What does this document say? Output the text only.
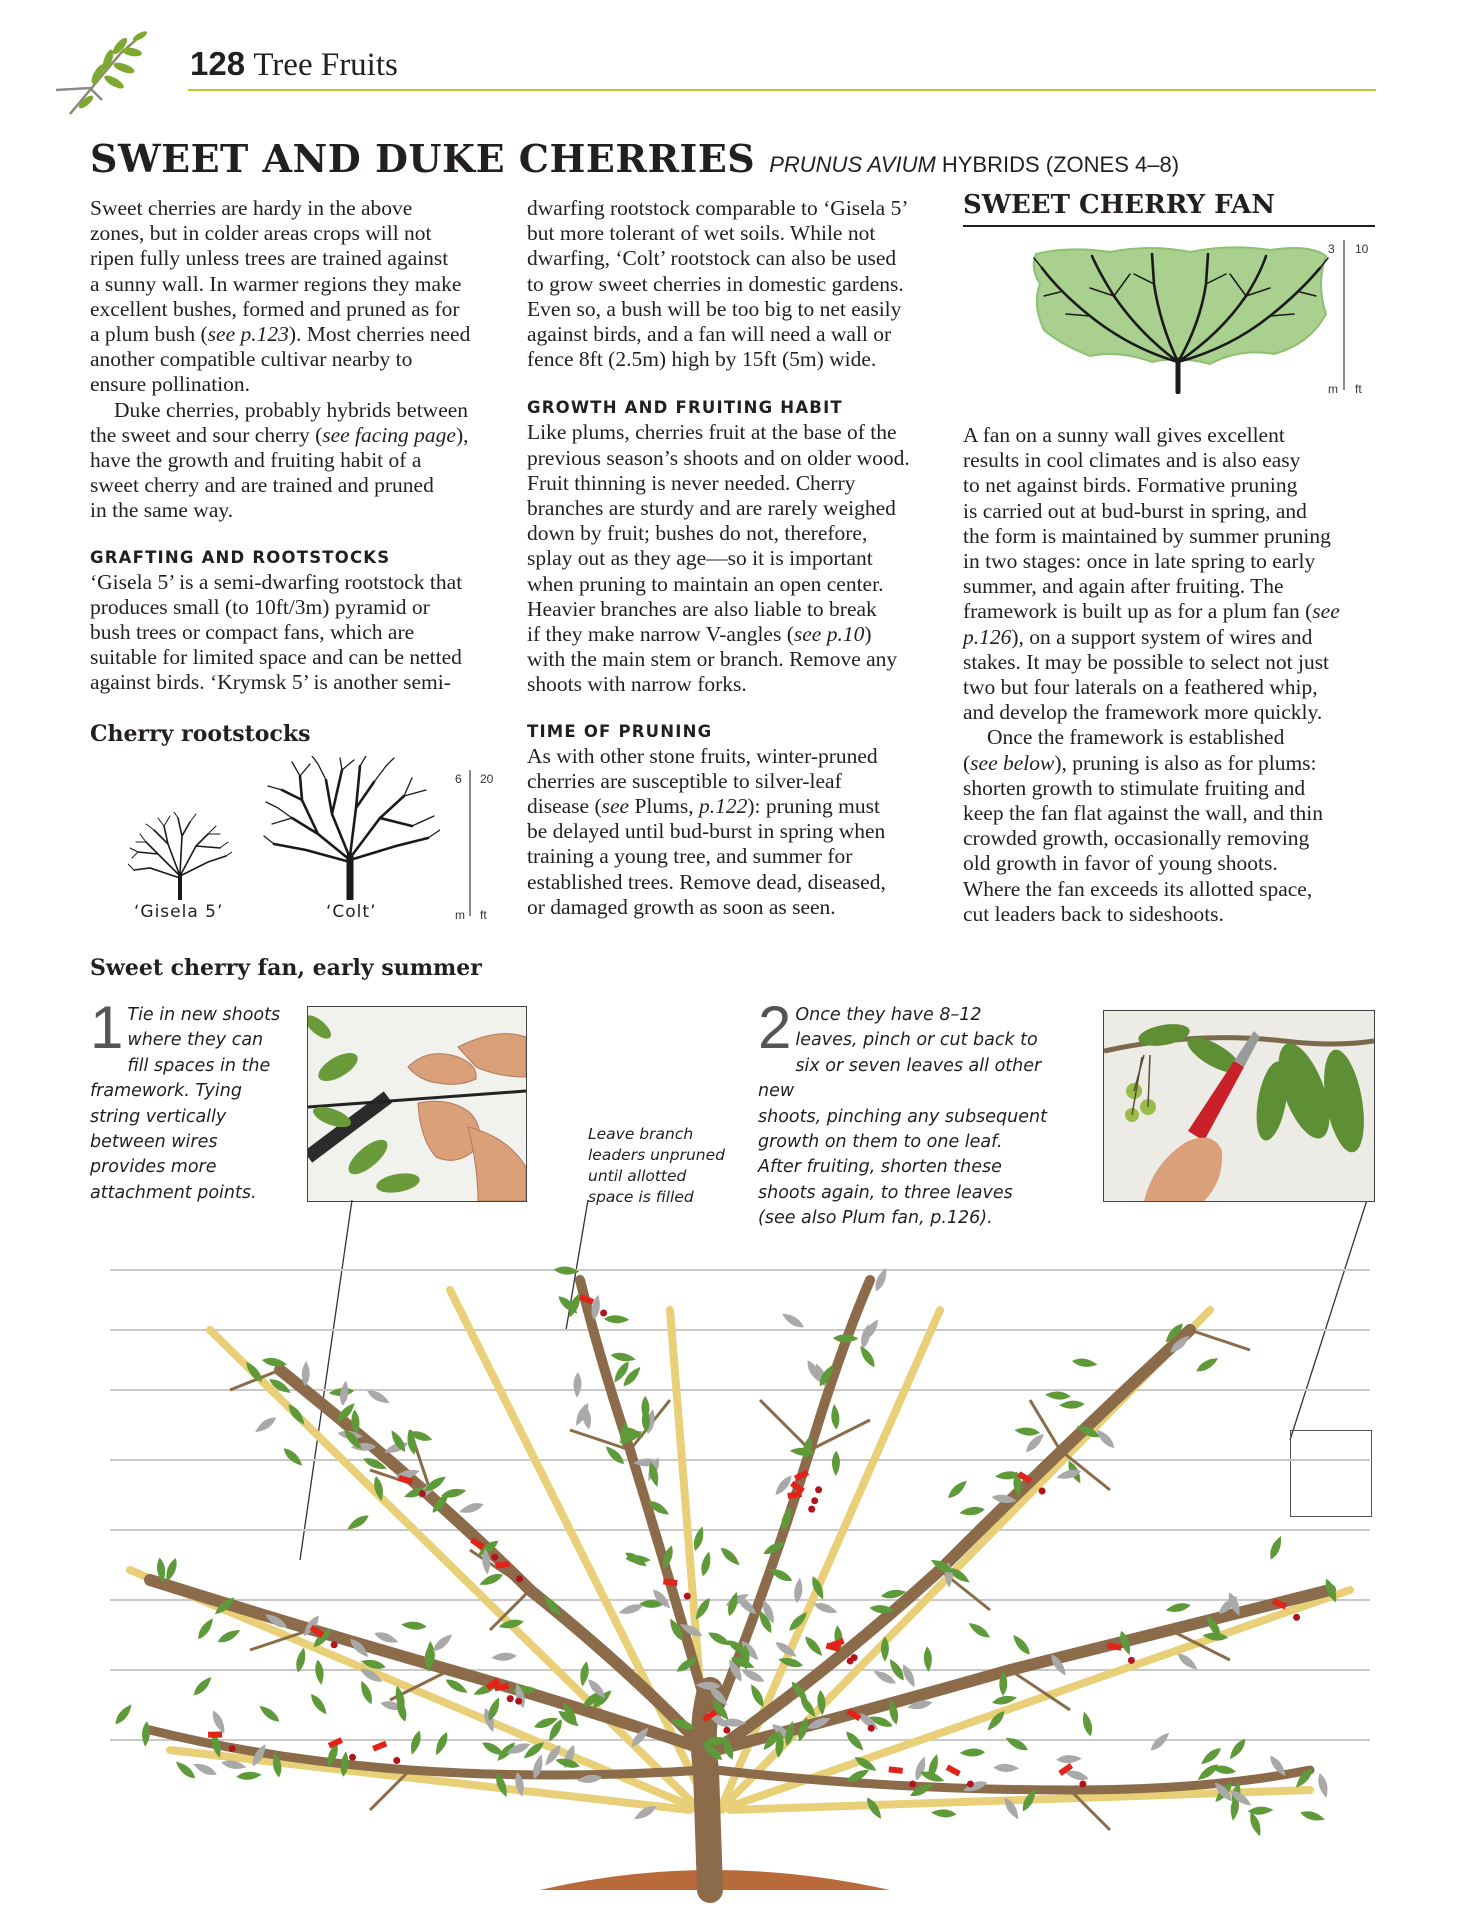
128 Tree Fruits
SWEET AND DUKE CHERRIES PRUNUS AVIUM HYBRIDS (ZONES 4–8)

Sweet cherries are hardy in the above

zones, but in colder areas crops will not

ripen fully unless trees are trained against

a sunny wall. In warmer regions they make

excellent bushes, formed and pruned as for

a plum bush (see p.123). Most cherries need

another compatible cultivar nearby to

ensure pollination.

Duke cherries, probably hybrids between

the sweet and sour cherry (see facing page),

have the growth and fruiting habit of a

sweet cherry and are trained and pruned

in the same way.

GRAFTING AND ROOTSTOCKS

‘Gisela 5’ is a semi-dwarfing rootstock that

produces small (to 10ft/3m) pyramid or

bush trees or compact fans, which are

suitable for limited space and can be netted

against birds. ‘Krymsk 5’ is another semi-

Cherry rootstocks
‘Gisela 5’	‘Colt’
6 20
m ft

dwarfing rootstock comparable to ‘Gisela 5’

but more tolerant of wet soils. While not

dwarfing, ‘Colt’ rootstock can also be used

to grow sweet cherries in domestic gardens.

Even so, a bush will be too big to net easily

against birds, and a fan will need a wall or

fence 8ft (2.5m) high by 15ft (5m) wide.

GROWTH AND FRUITING HABIT

Like plums, cherries fruit at the base of the

previous season’s shoots and on older wood.

Fruit thinning is never needed. Cherry

branches are sturdy and are rarely weighed

down by fruit; bushes do not, therefore,

splay out as they age—so it is important

when pruning to maintain an open center.

Heavier branches are also liable to break

if they make narrow V-angles (see p.10)

with the main stem or branch. Remove any

shoots with narrow forks.

TIME OF PRUNING

As with other stone fruits, winter-pruned

cherries are susceptible to silver-leaf

disease (see Plums, p.122): pruning must

be delayed until bud-burst in spring when

training a young tree, and summer for

established trees. Remove dead, diseased,

or damaged growth as soon as seen.

SWEET CHERRY FAN
3 10
m ft

A fan on a sunny wall gives excellent

results in cool climates and is also easy

to net against birds. Formative pruning

is carried out at bud-burst in spring, and

the form is maintained by summer pruning

in two stages: once in late spring to early

summer, and again after fruiting. The

framework is built up as for a plum fan (see

p.126), on a support system of wires and

stakes. It may be possible to select not just

two but four laterals on a feathered whip,

and develop the framework more quickly.

Once the framework is established

(see below), pruning is also as for plums:

shorten growth to stimulate fruiting and

keep the fan flat against the wall, and thin

crowded growth, occasionally removing

old growth in favor of young shoots.

Where the fan exceeds its allotted space,

cut leaders back to sideshoots.

Sweet cherry fan, early summer
1 Tie in new shoots
where they can
fill spaces in the
framework. Tying
string vertically
between wires
provides more
attachment points.
Leave branch
leaders unpruned
until allotted
space is filled
2 Once they have 8–12
leaves, pinch or cut back to
six or seven leaves all other new
shoots, pinching any subsequent
growth on them to one leaf.
After fruiting, shorten these
shoots again, to three leaves
(see also Plum fan, p.126).
